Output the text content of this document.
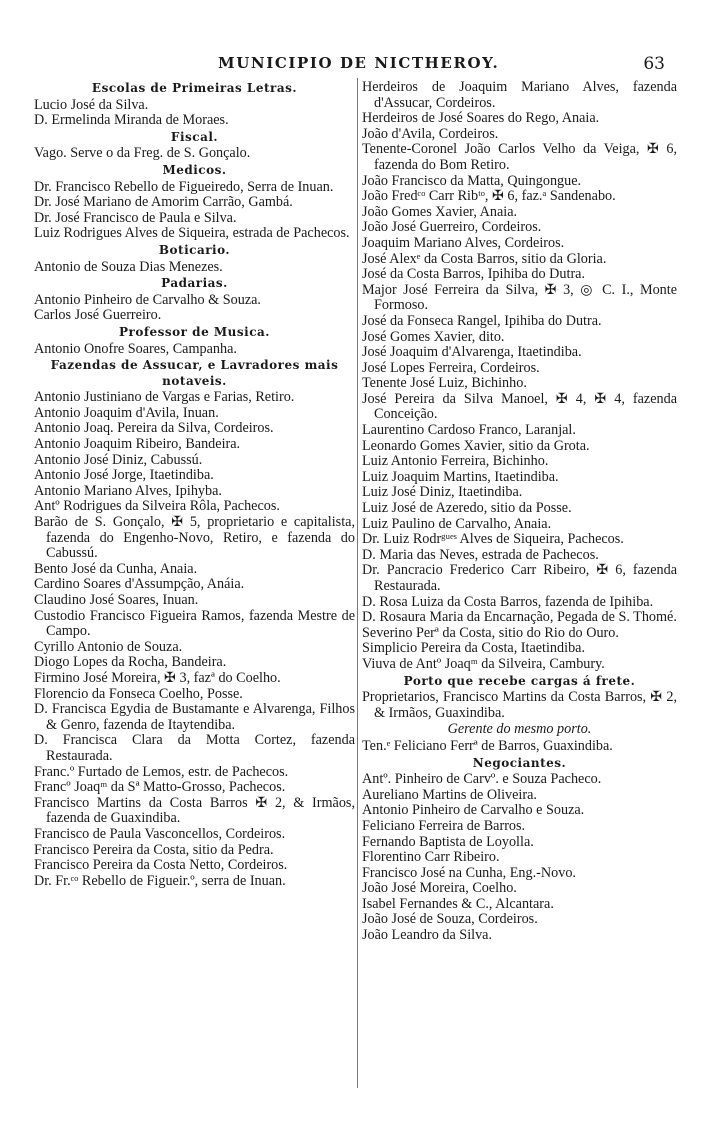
MUNICIPIO DE NICTHEROY.	63

Escolas de Primeiras Letras.

Lucio José da Silva.

D. Ermelinda Miranda de Moraes.

Fiscal.

Vago. Serve o da Freg. de S. Gonçalo.

Medicos.

Dr. Francisco Rebello de Figueiredo, Serra de Inuan.

Dr. José Mariano de Amorim Carrão, Gambá.

Dr. José Francisco de Paula e Silva.

Luiz Rodrigues Alves de Siqueira, estrada de Pachecos.

Boticario.

Antonio de Souza Dias Menezes.

Padarias.

Antonio Pinheiro de Carvalho & Souza.

Carlos José Guerreiro.

Professor de Musica.

Antonio Onofre Soares, Campanha.

Fazendas de Assucar, e Lavradores mais notaveis.

Antonio Justiniano de Vargas e Farias, Retiro.

Antonio Joaquim d'Avila, Inuan.

Antonio Joaq. Pereira da Silva, Cordeiros.

Antonio Joaquim Ribeiro, Bandeira.

Antonio José Diniz, Cabussú.

Antonio José Jorge, Itaetindiba.

Antonio Mariano Alves, Ipihyba.

Antº Rodrigues da Silveira Rôla, Pachecos.

Barão de S. Gonçalo, ✠ 5, proprietario e capitalista, fazenda do Engenho-Novo, Retiro, e fazenda do Cabussú.

Bento José da Cunha, Anaia.

Cardino Soares d'Assumpção, Anáia.

Claudino José Soares, Inuan.

Custodio Francisco Figueira Ramos, fazenda Mestre de Campo.

Cyrillo Antonio de Souza.

Diogo Lopes da Rocha, Bandeira.

Firmino José Moreira, ✠ 3, fazª do Coelho.

Florencio da Fonseca Coelho, Posse.

D. Francisca Egydia de Bustamante e Alvarenga, Filhos & Genro, fazenda de Itaytendiba.

D. Francisca Clara da Motta Cortez, fazenda Restaurada.

Franc.º Furtado de Lemos, estr. de Pachecos.

Francº Joaqᵐ da Sª Matto-Grosso, Pachecos.

Francisco Martins da Costa Barros ✠ 2, & Irmãos, fazenda de Guaxindiba.

Francisco de Paula Vasconcellos, Cordeiros.

Francisco Pereira da Costa, sitio da Pedra.

Francisco Pereira da Costa Netto, Cordeiros.

Dr. Fr.ᶜᵒ Rebello de Figueir.º, serra de Inuan.

Herdeiros de Joaquim Mariano Alves, fazenda d'Assucar, Cordeiros.

Herdeiros de José Soares do Rego, Anaia.

João d'Avila, Cordeiros.

Tenente-Coronel João Carlos Velho da Veiga, ✠ 6, fazenda do Bom Retiro.

João Francisco da Matta, Quingongue.

João Fredᶜᵒ Carr Ribᵗᵒ, ✠ 6, faz.ᵃ Sandenabo.

João Gomes Xavier, Anaia.

João José Guerreiro, Cordeiros.

Joaquim Mariano Alves, Cordeiros.

José Alexᵉ da Costa Barros, sitio da Gloria.

José da Costa Barros, Ipihiba do Dutra.

Major José Ferreira da Silva, ✠ 3, ◎ C. I., Monte Formoso.

José da Fonseca Rangel, Ipihiba do Dutra.

José Gomes Xavier, dito.

José Joaquim d'Alvarenga, Itaetindiba.

José Lopes Ferreira, Cordeiros.

Tenente José Luiz, Bichinho.

José Pereira da Silva Manoel, ✠ 4, ✠ 4, fazenda Conceição.

Laurentino Cardoso Franco, Laranjal.

Leonardo Gomes Xavier, sitio da Grota.

Luiz Antonio Ferreira, Bichinho.

Luiz Joaquim Martins, Itaetindiba.

Luiz José Diniz, Itaetindiba.

Luiz José de Azeredo, sitio da Posse.

Luiz Paulino de Carvalho, Anaia.

Dr. Luiz Rodrᵍᵘᵉˢ Alves de Siqueira, Pachecos.

D. Maria das Neves, estrada de Pachecos.

Dr. Pancracio Frederico Carr Ribeiro, ✠ 6, fazenda Restaurada.

D. Rosa Luiza da Costa Barros, fazenda de Ipihiba.

D. Rosaura Maria da Encarnação, Pegada de S. Thomé.

Severino Perª da Costa, sitio do Rio do Ouro.

Simplicio Pereira da Costa, Itaetindiba.

Viuva de Antº Joaqᵐ da Silveira, Cambury.

Porto que recebe cargas á frete.

Proprietarios, Francisco Martins da Costa Barros, ✠ 2, & Irmãos, Guaxindiba.

Gerente do mesmo porto.

Ten.ᵉ Feliciano Ferrª de Barros, Guaxindiba.

Negociantes.

Antº. Pinheiro de Carvº. e Souza Pacheco.

Aureliano Martins de Oliveira.

Antonio Pinheiro de Carvalho e Souza.

Feliciano Ferreira de Barros.

Fernando Baptista de Loyolla.

Florentino Carr Ribeiro.

Francisco José na Cunha, Eng.-Novo.

João José Moreira, Coelho.

Isabel Fernandes & C., Alcantara.

João José de Souza, Cordeiros.

João Leandro da Silva.
